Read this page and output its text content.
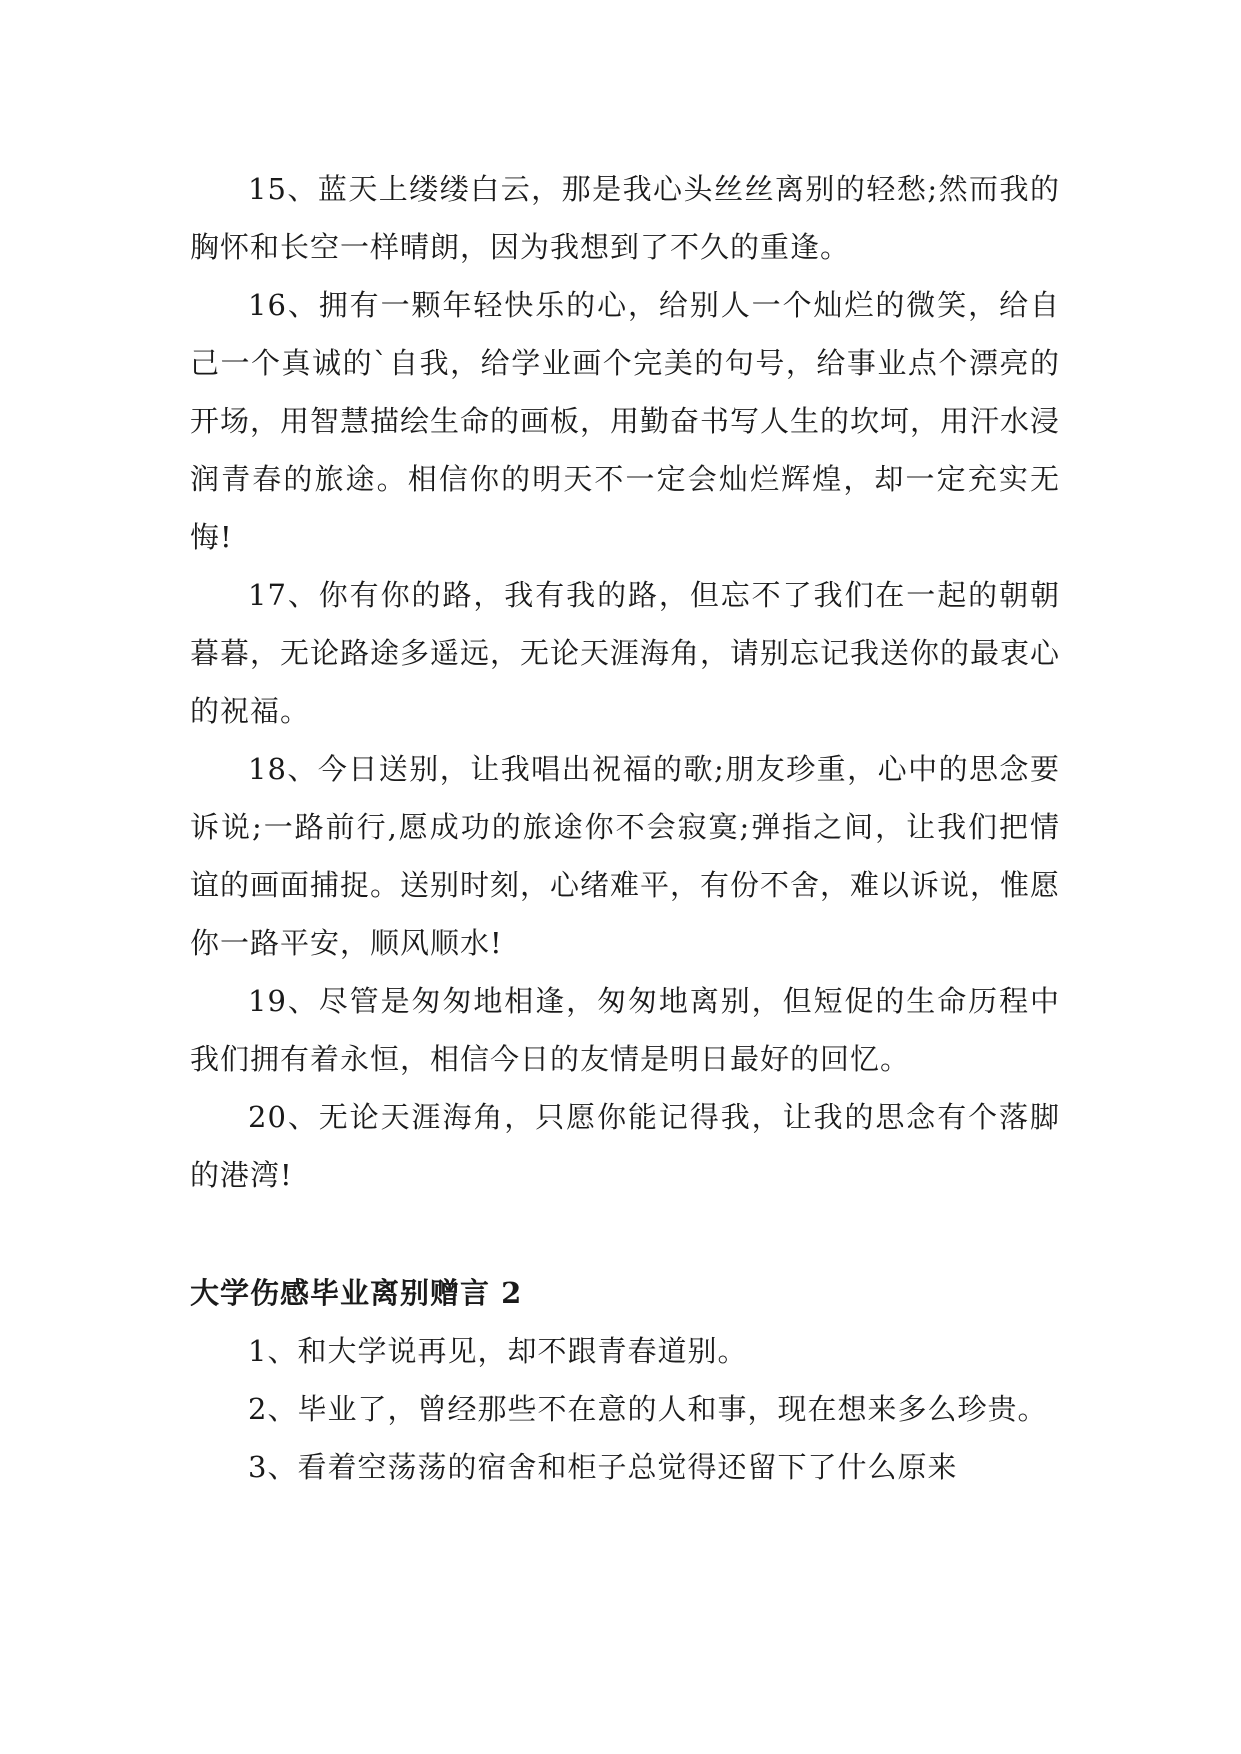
15、蓝天上缕缕白云，那是我心头丝丝离别的轻愁;然而我的胸怀和长空一样晴朗，因为我想到了不久的重逢。

16、拥有一颗年轻快乐的心，给别人一个灿烂的微笑，给自己一个真诚的`自我，给学业画个完美的句号，给事业点个漂亮的开场，用智慧描绘生命的画板，用勤奋书写人生的坎坷，用汗水浸润青春的旅途。相信你的明天不一定会灿烂辉煌，却一定充实无悔!

17、你有你的路，我有我的路，但忘不了我们在一起的朝朝暮暮，无论路途多遥远，无论天涯海角，请别忘记我送你的最衷心的祝福。

18、今日送别，让我唱出祝福的歌;朋友珍重，心中的思念要诉说;一路前行,愿成功的旅途你不会寂寞;弹指之间，让我们把情谊的画面捕捉。送别时刻，心绪难平，有份不舍，难以诉说，惟愿你一路平安，顺风顺水!

19、尽管是匆匆地相逢，匆匆地离别，但短促的生命历程中我们拥有着永恒，相信今日的友情是明日最好的回忆。

20、无论天涯海角，只愿你能记得我，让我的思念有个落脚的港湾!

大学伤感毕业离别赠言 2

1、和大学说再见，却不跟青春道别。

2、毕业了，曾经那些不在意的人和事，现在想来多么珍贵。

3、看着空荡荡的宿舍和柜子总觉得还留下了什么原来
